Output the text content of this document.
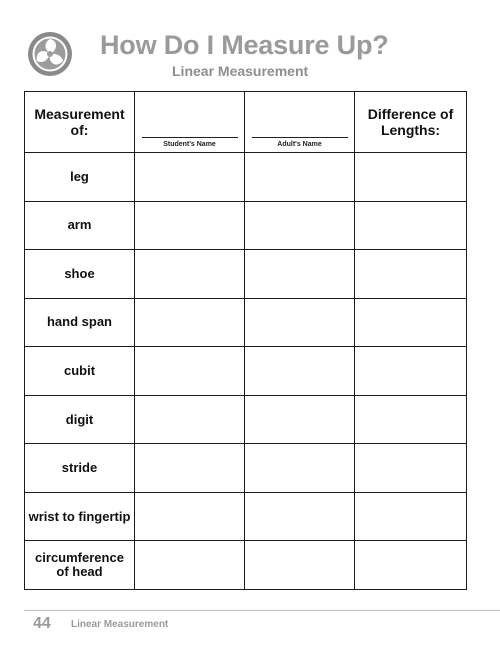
How Do I Measure Up?

Linear Measurement

Measurement of:	Student's Name	Adult's Name	Difference of Lengths:

leg			

arm			

shoe			

hand span			

cubit			

digit			

stride			

wrist to fingertip			

circumference of head			

44 Linear Measurement
